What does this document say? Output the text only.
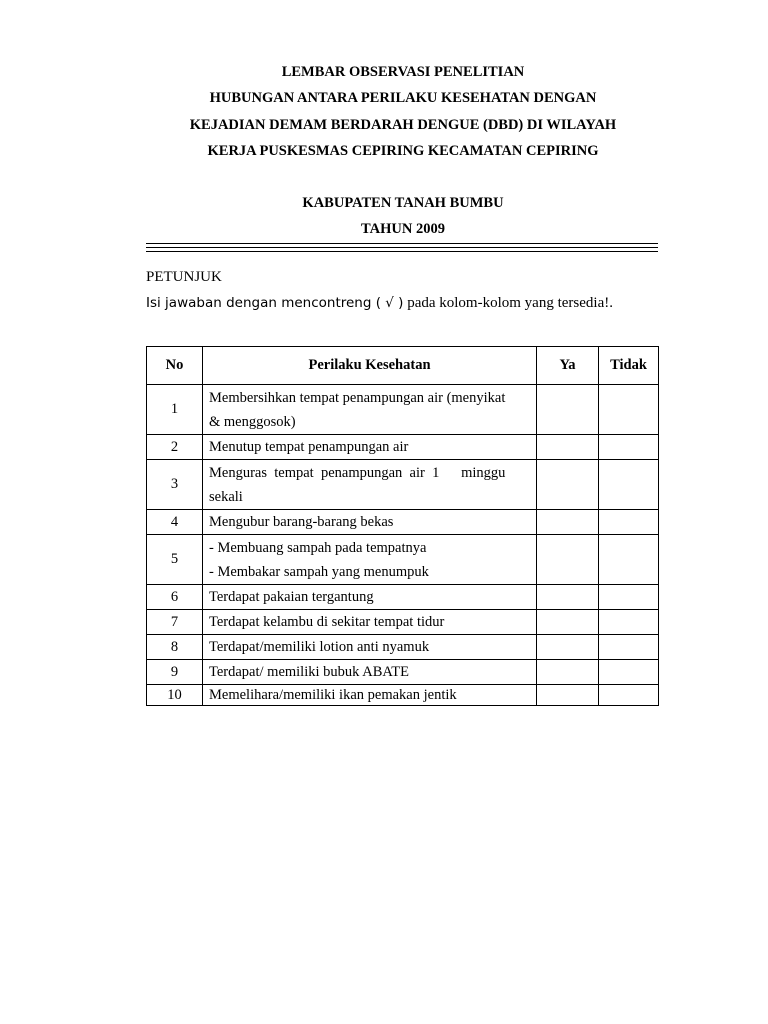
LEMBAR OBSERVASI PENELITIAN
HUBUNGAN ANTARA PERILAKU KESEHATAN DENGAN
KEJADIAN DEMAM BERDARAH DENGUE (DBD) DI WILAYAH
KERJA PUSKESMAS CEPIRING KECAMATAN CEPIRING
KABUPATEN TANAH BUMBU
TAHUN 2009
PETUNJUK
Isi jawaban dengan mencontreng ( √ ) pada kolom-kolom yang tersedia!.
No	Perilaku Kesehatan	Ya	Tidak
1	Membersihkan tempat penampungan air (menyikat
& menggosok)		

2	Menutup tempat penampungan air		
3	Menguras  tempat  penampungan  air  1      minggu
sekali		

4	Mengubur barang-barang bekas		
5	- Membuang sampah pada tempatnya
- Membakar sampah yang menumpuk		

6	Terdapat pakaian tergantung		
7	Terdapat kelambu di sekitar tempat tidur		
8	Terdapat/memiliki lotion anti nyamuk		
9	Terdapat/ memiliki bubuk ABATE		
10	Memelihara/memiliki ikan pemakan jentik		
